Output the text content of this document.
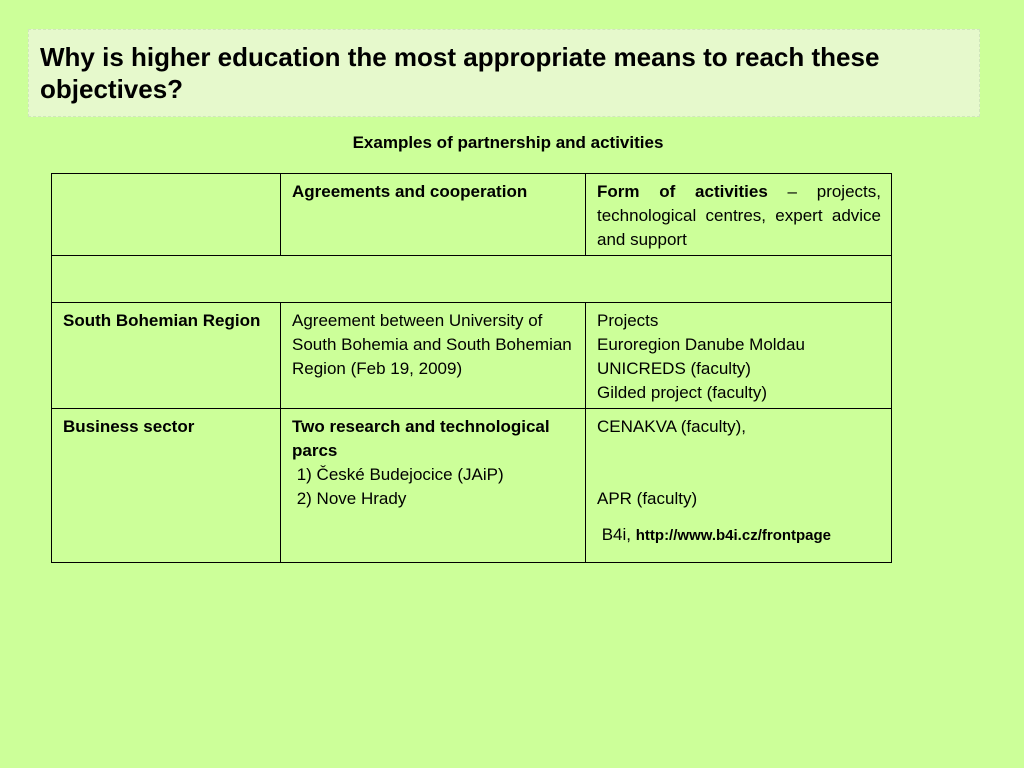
Why is higher education the most appropriate means to reach these objectives?

Examples of partnership and activities
	Agreements and cooperation	Form of activities – projects, technological centres, expert advice and support

South Bohemian Region	Agreement between University of South Bohemia and South Bohemian Region (Feb 19, 2009)	Projects
Euroregion Danube Moldau
UNICREDS (faculty)
Gilded project (faculty)

Business sector	Two research and technological parcs
1) České Budejocice (JAiP)
2) Nove Hrady	CENAKVA (faculty),
APR (faculty)
B4i, http://www.b4i.cz/frontpage
